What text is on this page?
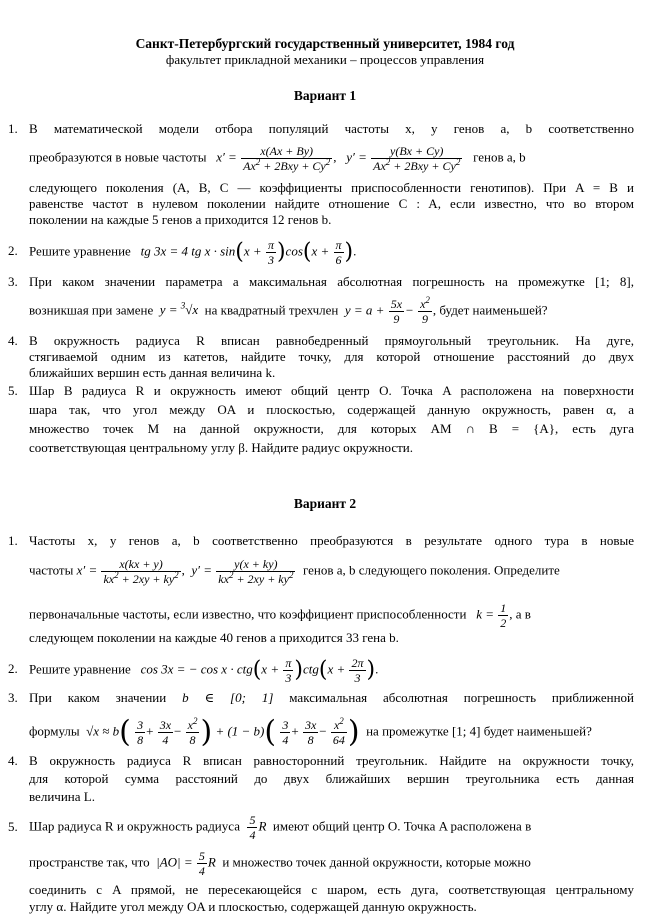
Санкт-Петербургский государственный университет, 1984 год
факультет прикладной механики – процессов управления
Вариант 1
1. В математической модели отбора популяций частоты x, y генов a, b соответственно
преобразуются в новые частоты $x' = \frac{x(Ax + By)}{Ax^2 + 2Bxy + Cy^2}$ ,   $y' = \frac{y(Bx + Cy)}{Ax^2 + 2Bxy + Cy^2}$ генов a, b
следующего поколения (A, B, C — коэффициенты приспособленности генотипов). При A = B и
равенстве частот в нулевом поколении найдите отношение C : A, если известно, что во втором
поколении на каждые 5 генов a приходится 12 генов b.
2. Решите уравнение tg 3x = 4 tg $x \cdot \sin(x + \frac{\pi}{3} )\cos(x + \frac{\pi}{6}$ ).
3. При каком значении параметра a максимальная абсолютная погрешность на промежутке [1; 8],
возникшая при замене y = $^3$√x на квадратный трехчлен $y = a + \frac{5x}{9} - \frac{x^2}{9}$ , будет наименьшей?
4. В окружность радиуса R вписан равнобедренный прямоугольный треугольник. На дуге,
стягиваемой одним из катетов, найдите точку, для которой отношение расстояний до двух
ближайших вершин есть данная величина k.
5. Шар B радиуса R и окружность имеют общий центр O. Точка A расположена на поверхности
шара так, что угол между OA и плоскостью, содержащей данную окружность, равен α, а
множество точек M на данной окружности, для которых AM ∩ B = {A}, есть дуга
соответствующая центральному углу β. Найдите радиус окружности.
Вариант 2
1. Частоты x, y генов a, b соответственно преобразуются в результате одного тура в новые
частоты $x' = \frac{x(kx + y)}{kx^2 + 2xy + ky^2}$ ,  $y' = \frac{y(x + ky)}{kx^2 + 2xy + ky^2}$ генов a, b следующего поколения. Определите
первоначальные частоты, если известно, что коэффициент приспособленности $k = \frac{1}{2}$ , а в
следующем поколении на каждые 40 генов a приходится 33 гена b.
2. Решите уравнение cos 3x = − $\cos x \cdot ctg(x + \frac{\pi}{3} )ctg(x + \frac{2\pi}{3}$ ).
3. При каком значении b ∈ [0; 1] максимальная абсолютная погрешность приближенной
формулы $√x \approx b( \frac{3}{8} + \frac{3x}{4} - \frac{x^2}{8}$ ) + $(1 - b)( \frac{3}{4} + \frac{3x}{8} - \frac{x^2}{64}$ ) на промежутке [1; 4] будет наименьшей?
4. В окружность радиуса R вписан равносторонний треугольник. Найдите на окружности точку,
для которой сумма расстояний до двух ближайших вершин треугольника есть данная
величина L.
5. Шар радиуса R и окружность радиуса $\frac{5}{4}$ R имеют общий центр O. Точка A расположена в
пространстве так, что $|AO| = \frac{5}{4}$ R и множество точек данной окружности, которые можно
соединить с A прямой, не пересекающейся с шаром, есть дуга, соответствующая центральному
углу α. Найдите угол между OA и плоскостью, содержащей данную окружность.
